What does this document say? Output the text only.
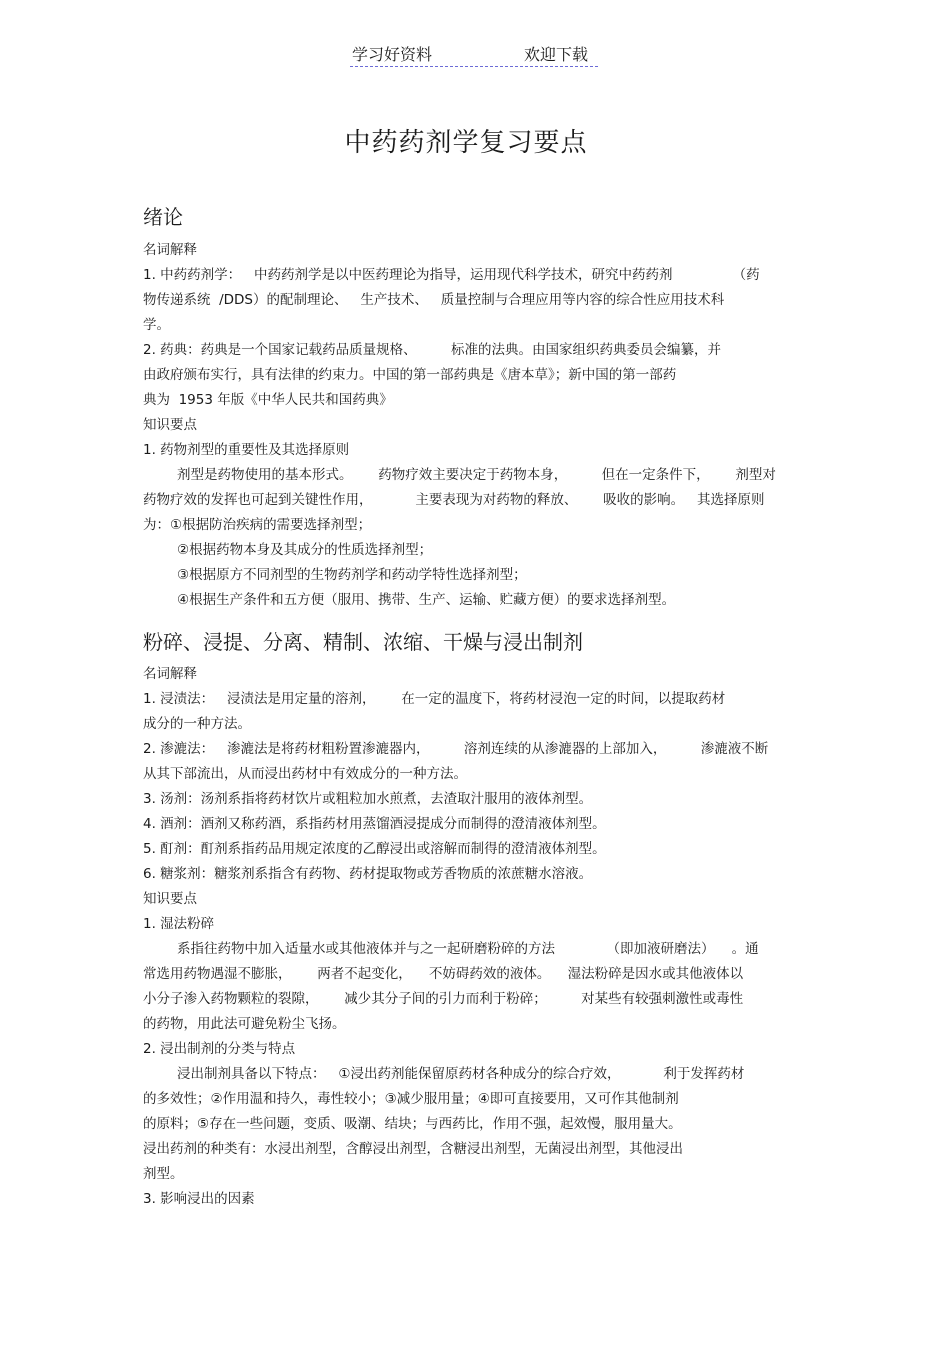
学习好资料	欢迎下载
中药药剂学复习要点
绪论
名词解释
1. 中药药剂学：   中药药剂学是以中医药理论为指导，运用现代科学技术，研究中药药剂              （药
物传递系统  /DDS）的配制理论、   生产技术、   质量控制与合理应用等内容的综合性应用技术科
学。
2. 药典：药典是一个国家记载药品质量规格、        标准的法典。由国家组织药典委员会编纂，并
由政府颁布实行，具有法律的约束力。中国的第一部药典是《唐本草》；新中国的第一部药
典为  1953 年版《中华人民共和国药典》
知识要点
1. 药物剂型的重要性及其选择原则
剂型是药物使用的基本形式。      药物疗效主要决定于药物本身，        但在一定条件下，      剂型对
药物疗效的发挥也可起到关键性作用，          主要表现为对药物的释放、      吸收的影响。   其选择原则
为：①根据防治疾病的需要选择剂型；
②根据药物本身及其成分的性质选择剂型；
③根据原方不同剂型的生物药剂学和药动学特性选择剂型；
④根据生产条件和五方便（服用、携带、生产、运输、贮藏方便）的要求选择剂型。
粉碎、浸提、分离、精制、浓缩、干燥与浸出制剂
名词解释
1. 浸渍法：   浸渍法是用定量的溶剂，      在一定的温度下，将药材浸泡一定的时间，以提取药材
成分的一种方法。
2. 渗漉法：   渗漉法是将药材粗粉置渗漉器内，        溶剂连续的从渗漉器的上部加入，        渗漉液不断
从其下部流出，从而浸出药材中有效成分的一种方法。
3. 汤剂：汤剂系指将药材饮片或粗粒加水煎煮，去渣取汁服用的液体剂型。
4. 酒剂：酒剂又称药酒，系指药材用蒸馏酒浸提成分而制得的澄清液体剂型。
5. 酊剂：酊剂系指药品用规定浓度的乙醇浸出或溶解而制得的澄清液体剂型。
6. 糖浆剂：糖浆剂系指含有药物、药材提取物或芳香物质的浓蔗糖水溶液。
知识要点
1. 湿法粉碎
系指往药物中加入适量水或其他液体并与之一起研磨粉碎的方法            （即加液研磨法）    。通
常选用药物遇湿不膨胀，      两者不起变化，    不妨碍药效的液体。    湿法粉碎是因水或其他液体以
小分子渗入药物颗粒的裂隙，      减少其分子间的引力而利于粉碎；        对某些有较强刺激性或毒性
的药物，用此法可避免粉尘飞扬。
2. 浸出制剂的分类与特点
浸出制剂具备以下特点：   ①浸出药剂能保留原药材各种成分的综合疗效，          利于发挥药材
的多效性；②作用温和持久，毒性较小；③减少服用量；④即可直接要用，又可作其他制剂
的原料；⑤存在一些问题，变质、吸潮、结块；与西药比，作用不强，起效慢，服用量大。
浸出药剂的种类有：水浸出剂型，含醇浸出剂型，含糖浸出剂型，无菌浸出剂型，其他浸出
剂型。
3. 影响浸出的因素
